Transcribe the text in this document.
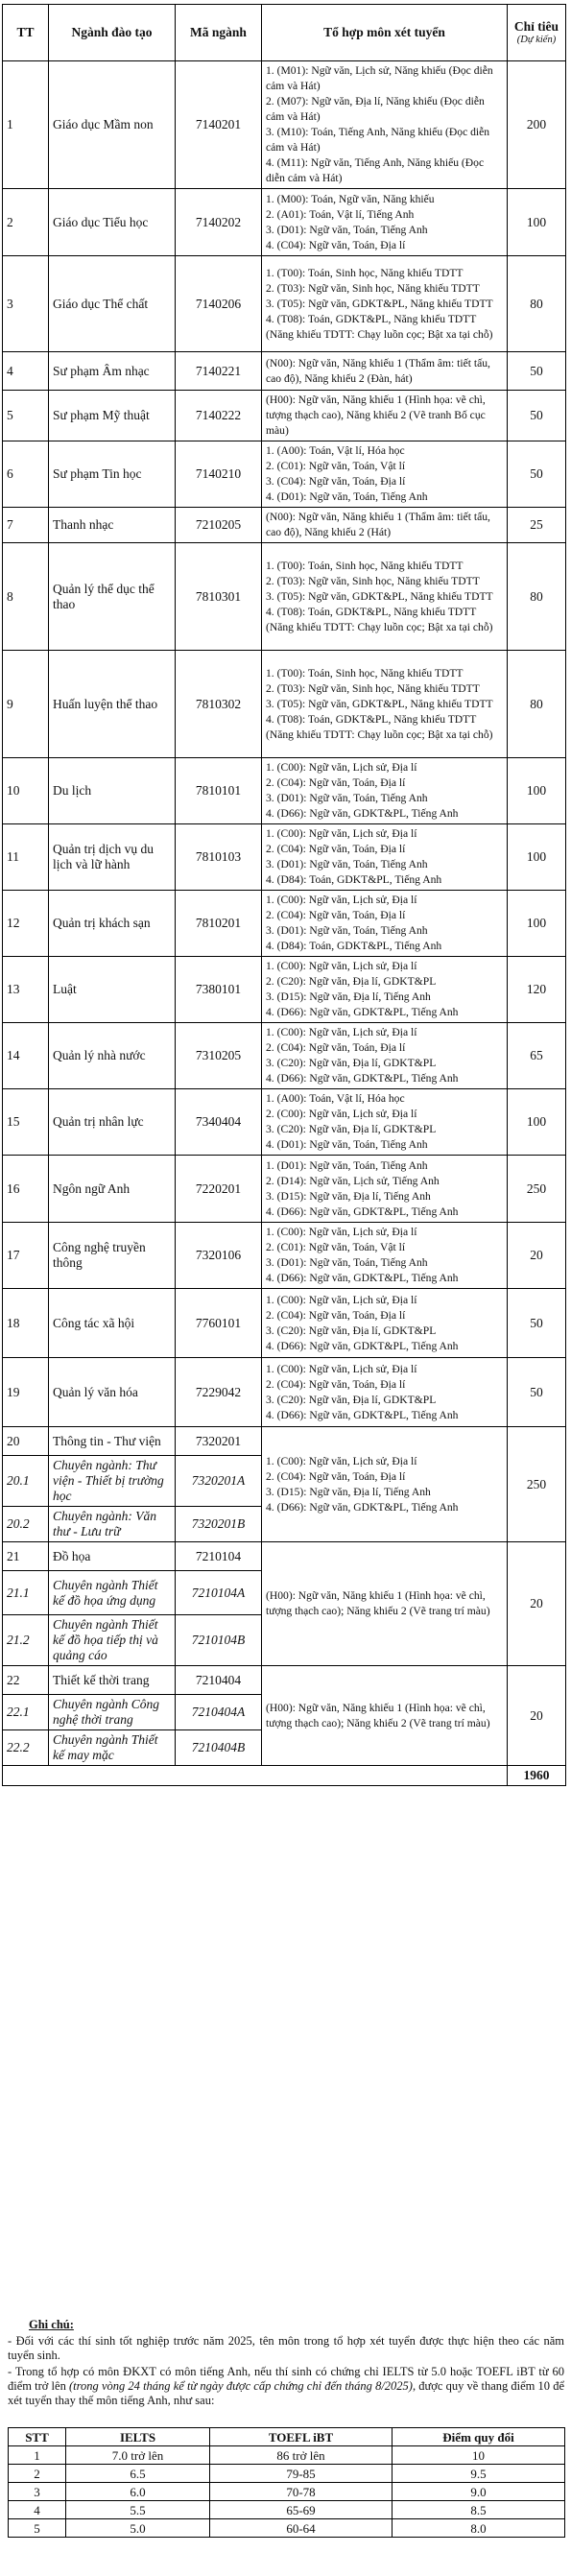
TT	Ngành đào tạo	Mã ngành	Tổ hợp môn xét tuyển	Chỉ tiêu
(Dự kiến)

1	Giáo dục Mầm non	7140201	1. (M01): Ngữ văn, Lịch sử, Năng khiếu (Đọc diễn cảm và Hát)
2. (M07): Ngữ văn, Địa lí, Năng khiếu (Đọc diễn cảm và Hát)
3. (M10): Toán, Tiếng Anh, Năng khiếu (Đọc diễn cảm và Hát)
4. (M11): Ngữ văn, Tiếng Anh, Năng khiếu (Đọc diễn cảm và Hát)	200
2	Giáo dục Tiểu học	7140202	1. (M00): Toán, Ngữ văn, Năng khiếu
2. (A01): Toán, Vật lí, Tiếng Anh
3. (D01): Ngữ văn, Toán, Tiếng Anh
4. (C04): Ngữ văn, Toán, Địa lí	100
3	Giáo dục Thể chất	7140206	1. (T00): Toán, Sinh học, Năng khiếu TDTT
2. (T03): Ngữ văn, Sinh học, Năng khiếu TDTT
3. (T05): Ngữ văn, GDKT&PL, Năng khiếu TDTT
4. (T08): Toán, GDKT&PL, Năng khiếu TDTT
(Năng khiếu TDTT: Chạy luồn cọc; Bật xa tại chỗ)	80
4	Sư phạm Âm nhạc	7140221	(N00): Ngữ văn, Năng khiếu 1 (Thẩm âm: tiết tấu, cao độ), Năng khiếu 2 (Đàn, hát)	50
5	Sư phạm Mỹ thuật	7140222	(H00): Ngữ văn, Năng khiếu 1 (Hình họa: vẽ chì, tượng thạch cao), Năng khiếu 2 (Vẽ tranh Bố cục màu)	50
6	Sư phạm Tin học	7140210	1. (A00): Toán, Vật lí, Hóa học
2. (C01): Ngữ văn, Toán, Vật lí
3. (C04): Ngữ văn, Toán, Địa lí
4. (D01): Ngữ văn, Toán, Tiếng Anh	50
7	Thanh nhạc	7210205	(N00): Ngữ văn, Năng khiếu 1 (Thẩm âm: tiết tấu, cao độ), Năng khiếu 2 (Hát)	25
8	Quản lý thể dục thể thao	7810301	1. (T00): Toán, Sinh học, Năng khiếu TDTT
2. (T03): Ngữ văn, Sinh học, Năng khiếu TDTT
3. (T05): Ngữ văn, GDKT&PL, Năng khiếu TDTT
4. (T08): Toán, GDKT&PL, Năng khiếu TDTT
(Năng khiếu TDTT: Chạy luồn cọc; Bật xa tại chỗ)	80
9	Huấn luyện thể thao	7810302	1. (T00): Toán, Sinh học, Năng khiếu TDTT
2. (T03): Ngữ văn, Sinh học, Năng khiếu TDTT
3. (T05): Ngữ văn, GDKT&PL, Năng khiếu TDTT
4. (T08): Toán, GDKT&PL, Năng khiếu TDTT
(Năng khiếu TDTT: Chạy luồn cọc; Bật xa tại chỗ)	80
10	Du lịch	7810101	1. (C00): Ngữ văn, Lịch sử, Địa lí
2. (C04): Ngữ văn, Toán, Địa lí
3. (D01): Ngữ văn, Toán, Tiếng Anh
4. (D66): Ngữ văn, GDKT&PL, Tiếng Anh	100
11	Quản trị dịch vụ du lịch và lữ hành	7810103	1. (C00): Ngữ văn, Lịch sử, Địa lí
2. (C04): Ngữ văn, Toán, Địa lí
3. (D01): Ngữ văn, Toán, Tiếng Anh
4. (D84): Toán, GDKT&PL, Tiếng Anh	100
12	Quản trị khách sạn	7810201	1. (C00): Ngữ văn, Lịch sử, Địa lí
2. (C04): Ngữ văn, Toán, Địa lí
3. (D01): Ngữ văn, Toán, Tiếng Anh
4. (D84): Toán, GDKT&PL, Tiếng Anh	100
13	Luật	7380101	1. (C00): Ngữ văn, Lịch sử, Địa lí
2. (C20): Ngữ văn, Địa lí, GDKT&PL
3. (D15): Ngữ văn, Địa lí, Tiếng Anh
4. (D66): Ngữ văn, GDKT&PL, Tiếng Anh	120
14	Quản lý nhà nước	7310205	1. (C00): Ngữ văn, Lịch sử, Địa lí
2. (C04): Ngữ văn, Toán, Địa lí
3. (C20): Ngữ văn, Địa lí, GDKT&PL
4. (D66): Ngữ văn, GDKT&PL, Tiếng Anh	65
15	Quản trị nhân lực	7340404	1. (A00): Toán, Vật lí, Hóa học
2. (C00): Ngữ văn, Lịch sử, Địa lí
3. (C20): Ngữ văn, Địa lí, GDKT&PL
4. (D01): Ngữ văn, Toán, Tiếng Anh	100
16	Ngôn ngữ Anh	7220201	1. (D01): Ngữ văn, Toán, Tiếng Anh
2. (D14): Ngữ văn, Lịch sử, Tiếng Anh
3. (D15): Ngữ văn, Địa lí, Tiếng Anh
4. (D66): Ngữ văn, GDKT&PL, Tiếng Anh	250
17	Công nghệ truyền thông	7320106	1. (C00): Ngữ văn, Lịch sử, Địa lí
2. (C01): Ngữ văn, Toán, Vật lí
3. (D01): Ngữ văn, Toán, Tiếng Anh
4. (D66): Ngữ văn, GDKT&PL, Tiếng Anh	20
18	Công tác xã hội	7760101	1. (C00): Ngữ văn, Lịch sử, Địa lí
2. (C04): Ngữ văn, Toán, Địa lí
3. (C20): Ngữ văn, Địa lí, GDKT&PL
4. (D66): Ngữ văn, GDKT&PL, Tiếng Anh	50
19	Quản lý văn hóa	7229042	1. (C00): Ngữ văn, Lịch sử, Địa lí
2. (C04): Ngữ văn, Toán, Địa lí
3. (C20): Ngữ văn, Địa lí, GDKT&PL
4. (D66): Ngữ văn, GDKT&PL, Tiếng Anh	50
20	Thông tin - Thư viện	7320201	1. (C00): Ngữ văn, Lịch sử, Địa lí
2. (C04): Ngữ văn, Toán, Địa lí
3. (D15): Ngữ văn, Địa lí, Tiếng Anh
4. (D66): Ngữ văn, GDKT&PL, Tiếng Anh	250
20.1	Chuyên ngành: Thư viện - Thiết bị trường học	7320201A		
20.2	Chuyên ngành: Văn thư - Lưu trữ	7320201B		
21	Đồ họa	7210104	(H00): Ngữ văn, Năng khiếu 1 (Hình họa: vẽ chì, tượng thạch cao); Năng khiếu 2 (Vẽ trang trí màu)	20
21.1	Chuyên ngành Thiết kế đồ họa ứng dụng	7210104A		
21.2	Chuyên ngành Thiết kế đồ họa tiếp thị và quảng cáo	7210104B		
22	Thiết kế thời trang	7210404	(H00): Ngữ văn, Năng khiếu 1 (Hình họa: vẽ chì, tượng thạch cao); Năng khiếu 2 (Vẽ trang trí màu)	20
22.1	Chuyên ngành Công nghệ thời trang	7210404A		
22.2	Chuyên ngành Thiết kế may mặc	7210404B		
				1960
Ghi chú:

- Đối với các thí sinh tốt nghiệp trước năm 2025, tên môn trong tổ hợp xét tuyển được thực hiện theo các năm tuyển sinh.

- Trong tổ hợp có môn ĐKXT có môn tiếng Anh, nếu thí sinh có chứng chỉ IELTS từ 5.0 hoặc TOEFL iBT từ 60 điểm trở lên (trong vòng 24 tháng kể từ ngày được cấp chứng chỉ đến tháng 8/2025), được quy về thang điểm 10 để xét tuyển thay thế môn tiếng Anh, như sau:

STT	IELTS	TOEFL iBT	Điểm quy đổi
1	7.0 trở lên	86 trở lên	10
2	6.5	79-85	9.5
3	6.0	70-78	9.0
4	5.5	65-69	8.5
5	5.0	60-64	8.0
